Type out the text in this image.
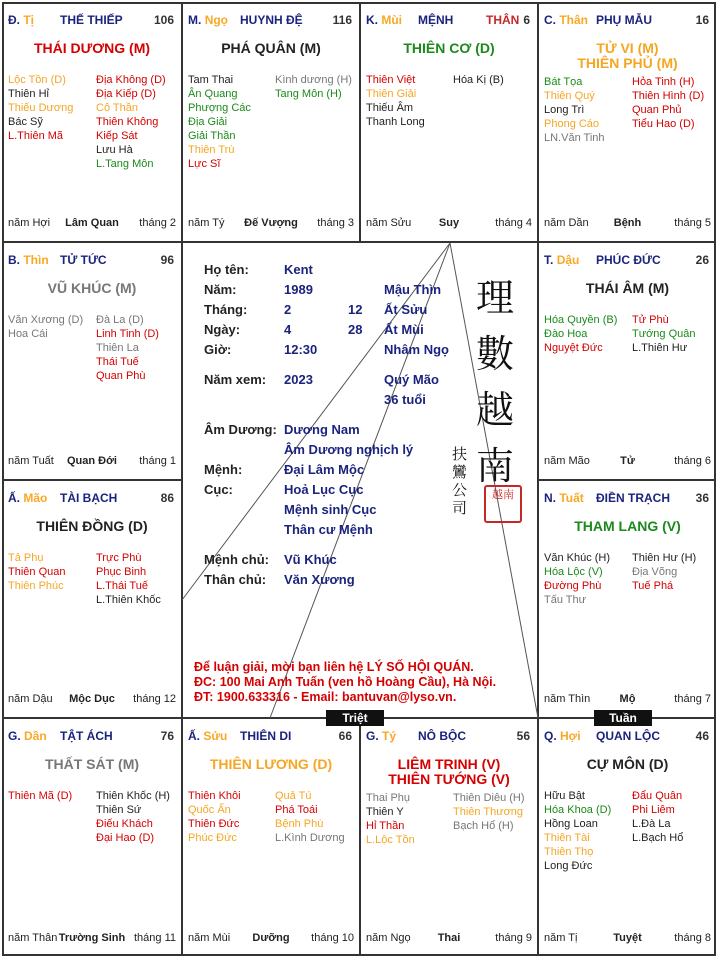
Đ. Tị THẾ THIẾP	106
THÁI DƯƠNG (M)
Lộc Tồn (D)
Thiên Hỉ
Thiếu Dương
Bác Sỹ
L.Thiên Mã
Địa Không (D)
Địa Kiếp (D)
Cô Thần
Thiên Không
Kiếp Sát
Lưu Hà
L.Tang Môn
năm Hợi	Lâm Quan	tháng 2
M. Ngọ HUYNH ĐỆ 116
PHÁ QUÂN (M)
Tam Thai
Ân Quang
Phượng Các
Địa Giải
Giải Thần
Thiên Trù
Lực Sĩ
Kình dương (H)
Tang Môn (H)
năm Tý	Đế Vượng	tháng 3
K. Mùi MỆNH	THÂN 6
THIÊN CƠ (D)
Thiên Việt
Thiên Giải
Thiếu Âm
Thanh Long
Hóa Kị (B)
năm Sửu	Suy	tháng 4
C. Thân PHỤ MẪU	16
TỬ VI (M)
THIÊN PHỦ (M)
Bát Tọa
Thiên Quý
Long Trì
Phong Cáo
LN.Văn Tinh
Hỏa Tinh (H)
Thiên Hình (D)
Quan Phủ
Tiểu Hao (D)
năm Dần	Bệnh	tháng 5
B. Thìn TỬ TỨC	96
VŨ KHÚC (M)
Văn Xương (D)
Hoa Cái
Đà La (D)
Linh Tinh (D)
Thiên La
Thái Tuế
Quan Phù
năm Tuất	Quan Đới	tháng 1
T. Dậu PHÚC ĐỨC	26
THÁI ÂM (M)
Hóa Quyền (B)
Đào Hoa
Nguyệt Đức
Tử Phù
Tướng Quân
L.Thiên Hư
năm Mão	Tử	tháng 6
Ấ. Mão TÀI BẠCH	86
THIÊN ĐỒNG (D)
Tả Phụ
Thiên Quan
Thiên Phúc
Trực Phù
Phục Binh
L.Thái Tuế
L.Thiên Khốc
năm Dậu	Mộc Dục	tháng 12
N. Tuất ĐIỀN TRẠCH 36
THAM LANG (V)
Văn Khúc (H)
Hóa Lộc (V)
Đường Phù
Tấu Thư
Thiên Hư (H)
Địa Võng
Tuế Phá
năm Thìn	Mộ	tháng 7
G. Dần TẬT ÁCH	76
THẤT SÁT (M)
Thiên Mã (D) Thiên Khốc (H)
Thiên Sứ
Điếu Khách
Đại Hao (D)
năm Thân Trường Sinh tháng 11
Ấ. Sửu THIÊN DI	66
THIÊN LƯƠNG (D)
Thiên Khôi
Quốc Ấn
Thiên Đức
Phúc Đức
Quả Tú
Phá Toái
Bệnh Phù
L.Kình Dương
năm Mùi	Dưỡng	tháng 10
G. Tý NÔ BỘC	56
LIÊM TRINH (V)
THIÊN TƯỚNG (V)
Thai Phụ
Thiên Y
Hỉ Thần
L.Lộc Tồn
Thiên Diêu (H)
Thiên Thương
Bạch Hổ (H)
năm Ngọ	Thai	tháng 9
Q. Hợi QUAN LỘC	46
CỰ MÔN (D)
Hữu Bật
Hóa Khoa (D)
Hồng Loan
Thiên Tài
Thiên Thọ
Long Đức
Đẩu Quân
Phi Liêm
L.Đà La
L.Bạch Hổ
năm Tị	Tuyệt	tháng 8
Họ tên:	Kent
Năm:	1989	Mậu Thìn
Tháng:	2	12 Ất Sửu
Ngày:	4	28 Ất Mùi
Giờ:	12:30	Nhâm Ngọ
Năm xem: 2023	Quý Mão
36 tuổi
Âm Dương: Dương Nam
Âm Dương nghịch lý
Mệnh:	Đại Lâm Mộc
Cục:	Hoả Lục Cục
Mệnh sinh Cục
Thân cư Mệnh
Mệnh chủ: Vũ Khúc
Thân chủ: Văn Xương
理
數
越
南
扶
鸞
公
司
越南
Để luận giải, mời bạn liên hệ LÝ SỐ HỘI QUÁN.
ĐC: 100 Mai Anh Tuấn (ven hồ Hoàng Cầu), Hà Nội.
ĐT: 1900.633316 - Email: bantuvan@lyso.vn.
Triệt	Tuần
